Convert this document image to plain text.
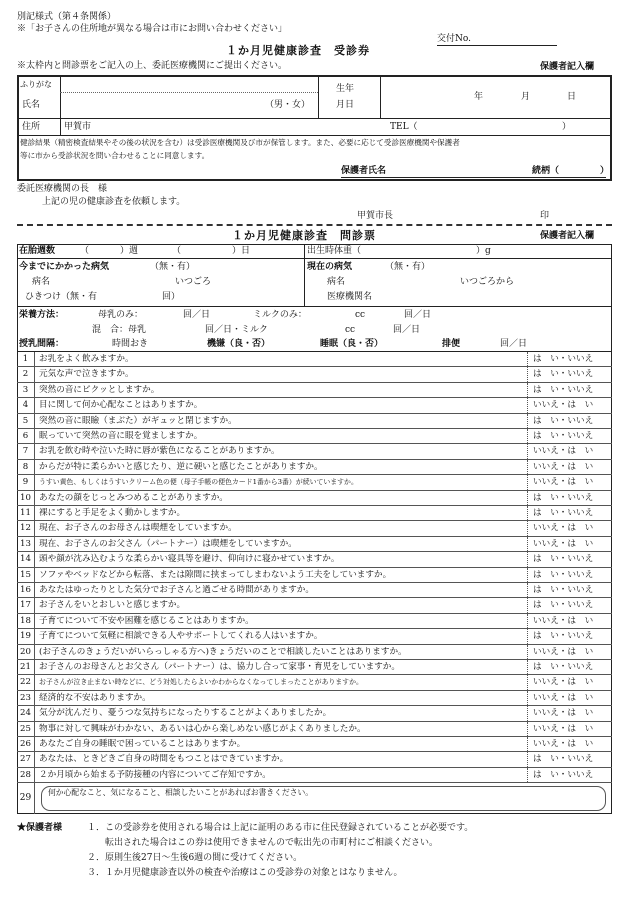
別記様式（第４条関係）
※「お子さんの住所地が異なる場合は市にお問い合わせください」
交付No.
１か月児健康診査　受診券
※太枠内と問診票をご記入の上、委託医療機関にご提出ください。	保護者記入欄
ふりがな
氏名	（男・女）
生年
月日
年	月	日
住所	甲賀市	TEL（	）
健診結果（精密検査結果やその後の状況を含む）は受診医療機関及び市が保管します。また、必要に応じて受診医療機関や保護者
等に市から受診状況を問い合わせることに同意します。
保護者氏名	続柄（	）
委託医療機関の長　様
上記の児の健康診査を依頼します。
甲賀市長	印
１か月児健康診査　問診票	保護者記入欄
在胎週数	（	）週	（	）日	出生時体重（	）g
今までにかかった病気	（無・有）
病名	いつごろ
ひきつけ（無・有	回）
現在の病気	（無・有）
病名	いつごろから
医療機関名
栄養方法：	母乳のみ：	回／日	ミルクのみ：	cc	回／日
混　合：母乳	回／日・ミルク	cc	回／日
授乳間隔：	時間おき	機嫌（良・否）	睡眠（良・否）	排便	回／日
1	お乳をよく飲みますか。	は　い・いいえ
2	元気な声で泣きますか。	は　い・いいえ
3	突然の音にピクッとしますか。	は　い・いいえ
4	目に関して何か心配なことはありますか。	いいえ・は　い
5	突然の音に眼瞼（まぶた）がギュッと閉じますか。	は　い・いいえ
6	眠っていて突然の音に眼を覚ましますか。	は　い・いいえ
7	お乳を飲む時や泣いた時に唇が紫色になることがありますか。	いいえ・は　い
8	からだが特に柔らかいと感じたり、逆に硬いと感じたことがありますか。	いいえ・は　い
9	うすい黄色、もしくはうすいクリーム色の便（母子手帳の便色カード1番から3番）が続いていますか。	いいえ・は　い
10 あなたの顔をじっとみつめることがありますか。	は　い・いいえ
11 裸にすると手足をよく動かしますか。	は　い・いいえ
12 現在、お子さんのお母さんは喫煙をしていますか。	いいえ・は　い
13 現在、お子さんのお父さん（パートナー）は喫煙をしていますか。	いいえ・は　い
14 頭や顔が沈み込むような柔らかい寝具等を避け、仰向けに寝かせていますか。	は　い・いいえ
15 ソファやベッドなどから転落、または隙間に挟まってしまわないよう工夫をしていますか。	は　い・いいえ
16 あなたはゆったりとした気分でお子さんと過ごせる時間がありますか。	は　い・いいえ
17 お子さんをいとおしいと感じますか。	は　い・いいえ
18 子育てについて不安や困難を感じることはありますか。	いいえ・は　い
19 子育てについて気軽に相談できる人やサポートしてくれる人はいますか。	は　い・いいえ
20 (お子さんのきょうだいがいらっしゃる方へ)きょうだいのことで相談したいことはありますか。	いいえ・は　い
21 お子さんのお母さんとお父さん（パートナー）は、協力し合って家事・育児をしていますか。	は　い・いいえ
22	お子さんが泣き止まない時などに、どう対処したらよいかわからなくなってしまったことがありますか。	いいえ・は　い
23 経済的な不安はありますか。	いいえ・は　い
24 気分が沈んだり、憂うつな気持ちになったりすることがよくありましたか。	いいえ・は　い
25 物事に対して興味がわかない、あるいは心から楽しめない感じがよくありましたか。	いいえ・は　い
26 あなたご自身の睡眠で困っていることはありますか。	いいえ・は　い
27 あなたは、ときどきご自身の時間をもつことはできていますか。	は　い・いいえ
28 ２か月頃から始まる予防接種の内容についてご存知ですか。	は　い・いいえ
29
何か心配なこと、気になること、相談したいことがあればお書きください。
★保護者様	１．この受診券を使用される場合は上記に証明のある市に住民登録されていることが必要です。
転出された場合はこの券は使用できませんので転出先の市町村にご相談ください。
２．原則生後27日～生後6週の間に受けてください。
３．１か月児健康診査以外の検査や治療はこの受診券の対象とはなりません。
